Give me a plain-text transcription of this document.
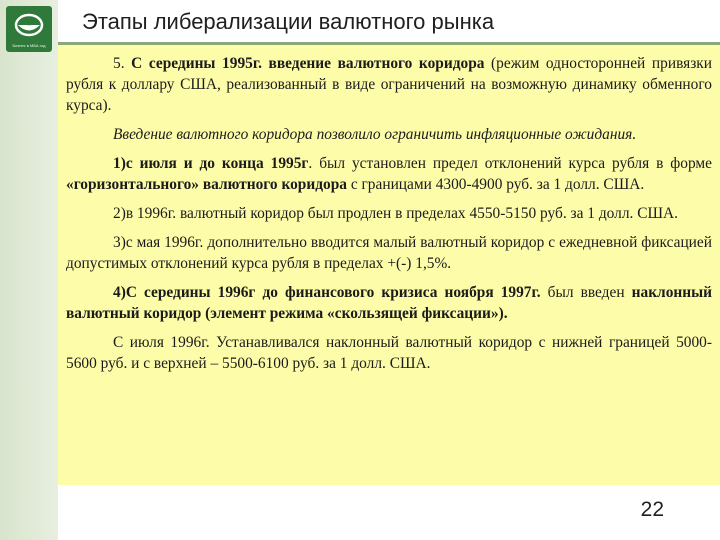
Бизнес в МБА год
Этапы либерализации валютного рынка

5. С середины 1995г. введение валютного коридора (режим односторонней привязки рубля к доллару США, реализованный в виде ограничений на возможную динамику обменного курса).

Введение валютного коридора позволило ограничить инфляционные ожидания.

1)с июля и до конца 1995г. был установлен предел отклонений курса рубля в форме «горизонтального» валютного коридора с границами 4300-4900 руб. за 1 долл. США.

2)в 1996г. валютный коридор был продлен в пределах 4550-5150 руб. за 1 долл. США.

3)с мая 1996г. дополнительно вводится малый валютный коридор с ежедневной фиксацией допустимых отклонений курса рубля в пределах +(-) 1,5%.

4)С середины 1996г до финансового кризиса ноября 1997г. был введен наклонный валютный коридор (элемент режима «скользящей фиксации»).

С июля 1996г. Устанавливался наклонный валютный коридор с нижней границей 5000-5600 руб. и с верхней – 5500-6100 руб. за 1 долл. США.

22
